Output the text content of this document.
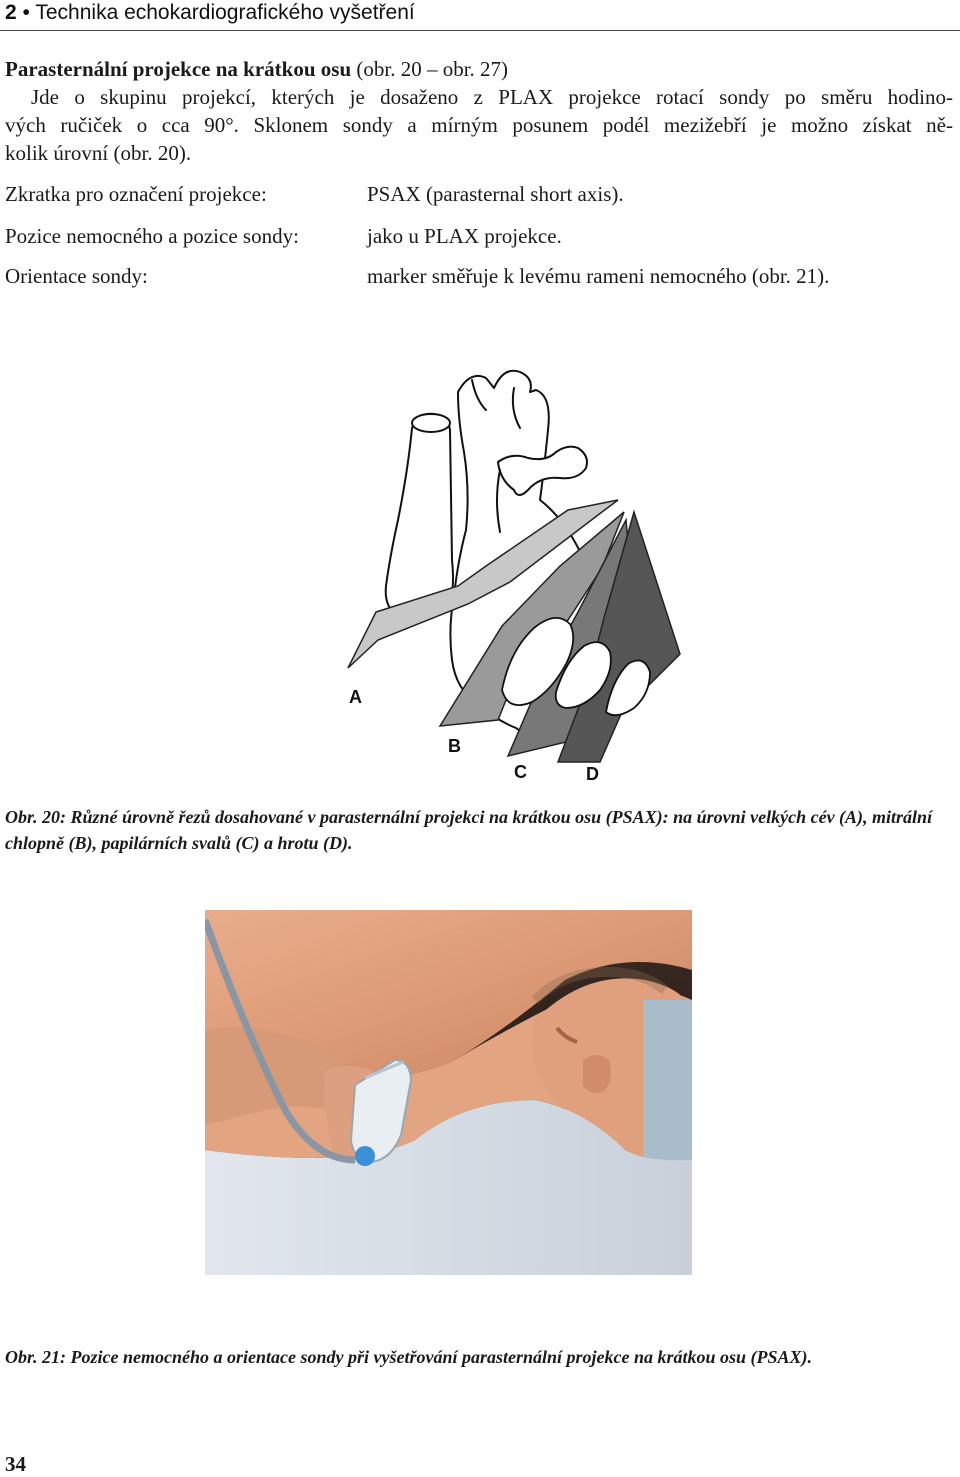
2 • Technika echokardiografického vyšetření
Parasternální projekce na krátkou osu (obr. 20 – obr. 27)

Jde o skupinu projekcí, kterých je dosaženo z PLAX projekce rotací sondy po směru hodino-
vých ručiček o cca 90°. Sklonem sondy a mírným posunem podél mezižebří je možno získat ně-
kolik úrovní (obr. 20).

Zkratka pro označení projekce:	PSAX (parasternal short axis).
Pozice nemocného a pozice sondy:	jako u PLAX projekce.
Orientace sondy:	marker směřuje k levému rameni nemocného (obr. 21).
A
B
C	D
Obr. 20: Různé úrovně řezů dosahované v parasternální projekci na krátkou osu (PSAX): na úrovni velkých cév (A), mitrální chlopně (B), papilárních svalů (C) a hrotu (D).
Obr. 21: Pozice nemocného a orientace sondy při vyšetřování parasternální projekce na krátkou osu (PSAX).
34
